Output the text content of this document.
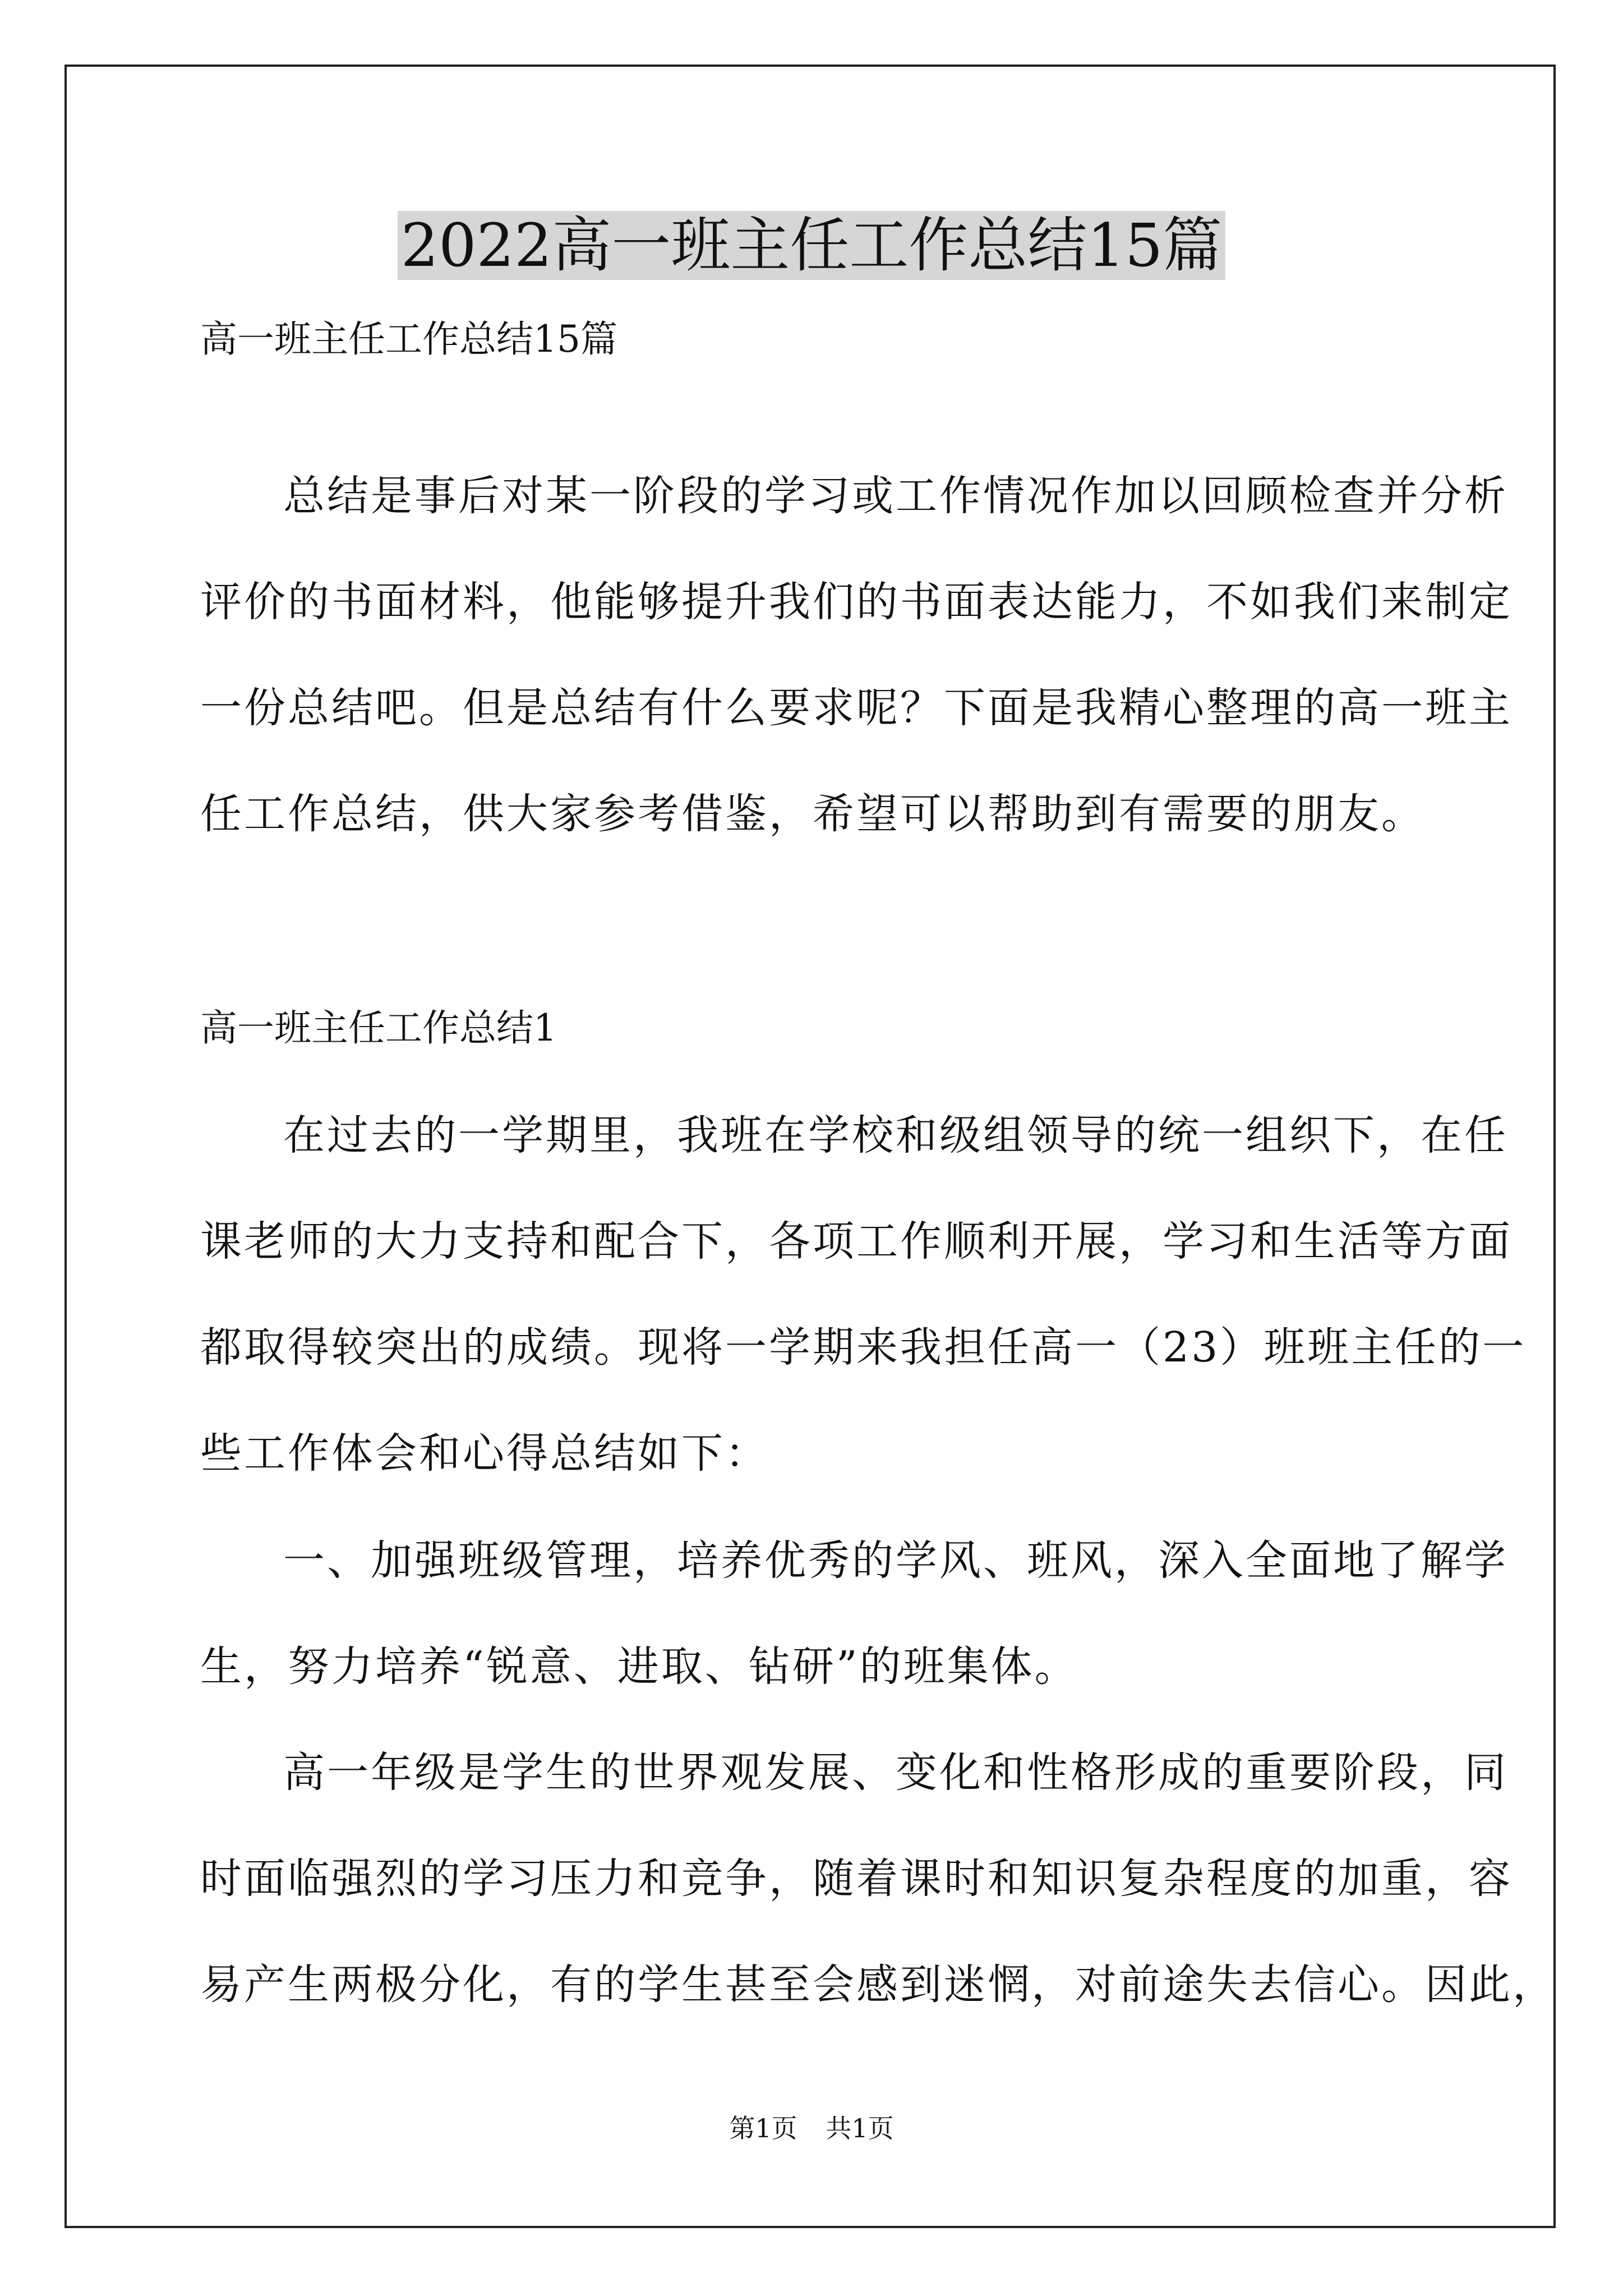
2022高一班主任工作总结15篇
高一班主任工作总结15篇
总结是事后对某一阶段的学习或工作情况作加以回顾检查并分析
评价的书面材料，他能够提升我们的书面表达能力，不如我们来制定
一份总结吧。但是总结有什么要求呢？下面是我精心整理的高一班主
任工作总结，供大家参考借鉴，希望可以帮助到有需要的朋友。
高一班主任工作总结1
在过去的一学期里，我班在学校和级组领导的统一组织下，在任
课老师的大力支持和配合下，各项工作顺利开展，学习和生活等方面
都取得较突出的成绩。现将一学期来我担任高一（23）班班主任的一
些工作体会和心得总结如下：
一、加强班级管理，培养优秀的学风、班风，深入全面地了解学
生，努力培养“锐意、进取、钻研”的班集体。
高一年级是学生的世界观发展、变化和性格形成的重要阶段，同
时面临强烈的学习压力和竞争，随着课时和知识复杂程度的加重，容
易产生两极分化，有的学生甚至会感到迷惘，对前途失去信心。因此，
第1页 共1页
